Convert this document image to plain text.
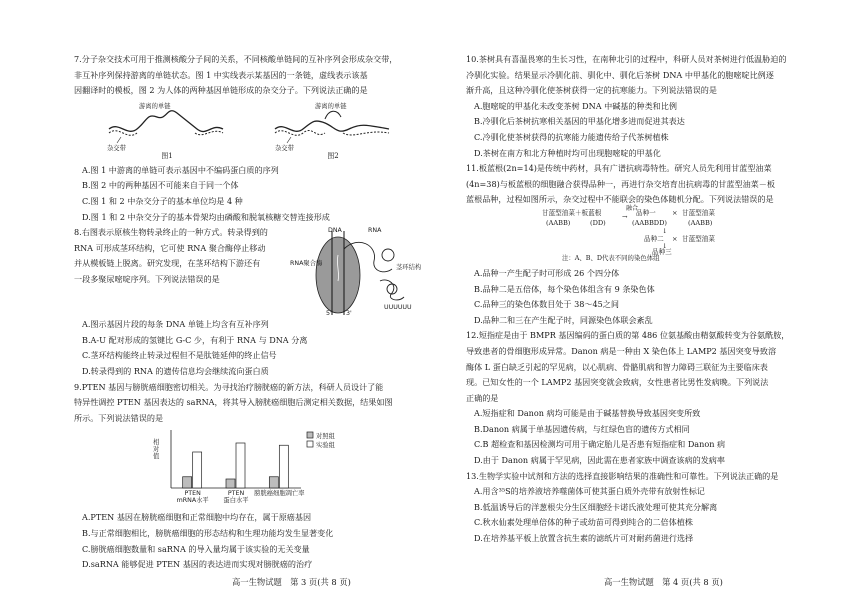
7.分子杂交技术可用于推测核酸分子间的关系，不同核酸单链间的互补序列会形成杂交带，
非互补序列保持游离的单链状态。图 1 中实线表示某基因的一条链，虚线表示该基
因翻译时的模板，图 2 为人体的两种基因单链形成的杂交分子。下列说法正确的是
游离的单链
杂交带
图1
游离的单链
杂交带
图2
A.图 1 中游离的单链可表示基因中不编码蛋白质的序列
B.图 2 中的两种基因不可能来自于同一个体
C.图 1 和 2 中杂交分子的基本单位均是 4 种
D.图 1 和 2 中杂交分子的基本骨架均由磷酸和脱氧核糖交替连接形成
8.右图表示原核生物转录终止的一种方式。转录得到的
RNA 可形成茎环结构，它可使 RNA 聚合酶停止移动
并从模板链上脱离。研究发现，在茎环结构下游还有
一段多聚尿嘧啶序列。下列说法错误的是
DNA	RNA
RNA聚合酶
茎环结构
UUUUUU
5' 3'
A.图示基因片段的每条 DNA 单链上均含有互补序列
B.A-U 配对形成的氢键比 G-C 少，有利于 RNA 与 DNA 分离
C.茎环结构能终止转录过程但不是肽链延伸的终止信号
D.转录得到的 RNA 的遗传信息均会继续流向蛋白质
9.PTEN 基因与膀胱癌细胞密切相关。为寻找治疗膀胱癌的新方法，科研人员设计了能
特异性调控 PTEN 基因表达的 saRNA，将其导入膀胱癌细胞后测定相关数据，结果如图
所示。下列说法错误的是
相对值
PTEN
mRNA水平
PTEN
蛋白水平
膀胱癌细胞凋亡率
对照组
实验组
A.PTEN 基因在膀胱癌细胞和正常细胞中均存在，属于原癌基因
B.与正常细胞相比，膀胱癌细胞的形态结构和生理功能均发生显著变化
C.膀胱癌细胞数量和 saRNA 的导入量均属于该实验的无关变量
D.saRNA 能够促进 PTEN 基因的表达进而实现对膀胱癌的治疗
高一生物试题　第 3 页(共 8 页)
10.茶树具有喜温畏寒的生长习性，在南种北引的过程中，科研人员对茶树进行低温胁迫的
冷驯化实验。结果显示冷驯化前、驯化中、驯化后茶树 DNA 中甲基化的胞嘧啶比例逐
渐升高，且这种冷驯化使茶树获得一定的抗寒能力。下列说法错误的是
A.胞嘧啶的甲基化未改变茶树 DNA 中碱基的种类和比例
B.冷驯化后茶树抗寒相关基因的甲基化增多进而促进其表达
C.冷驯化使茶树获得的抗寒能力能遗传给子代茶树植株
D.茶树在南方和北方种植时均可出现胞嘧啶的甲基化
11.板蓝根(2n=14)是传统中药材，具有广谱抗病毒特性。研究人员先利用甘蓝型油菜
(4n=38)与板蓝根的细胞融合获得品种一，再进行杂交培育出抗病毒的甘蓝型油菜－板
蓝根品种，过程如图所示，杂交过程中不能联会的染色体随机分配。下列说法错误的是
甘蓝型油菜＋板蓝根
融合
→ 品种一 × 甘蓝型油菜
(AABB)	(DD)	(AABBDD)	(AABB)
↓
品种二 × 甘蓝型油菜
↓
品种三
注：A、B、D代表不同的染色体组
A.品种一产生配子时可形成 26 个四分体
B.品种二是五倍体，每个染色体组含有 9 条染色体
C.品种三的染色体数目处于 38～45之间
D.品种二和三在产生配子时，同源染色体联会紊乱
12.短指症是由于 BMPR 基因编码的蛋白质的第 486 位氨基酸由精氨酸转变为谷氨酰胺，
导致患者的骨细胞形成异常。Danon 病是一种由 X 染色体上 LAMP2 基因突变导致溶
酶体 L 蛋白缺乏引起的罕见病，以心肌病、骨骼肌病和智力障碍三联征为主要临床表
现。已知女性的一个 LAMP2 基因突变就会致病，女性患者比男性发病晚。下列说法
正确的是
A.短指症和 Danon 病均可能是由于碱基替换导致基因突变所致
B.Danon 病属于单基因遗传病，与红绿色盲的遗传方式相同
C.B 超检查和基因检测均可用于确定胎儿是否患有短指症和 Danon 病
D.由于 Danon 病属于罕见病，因此需在患者家族中调查该病的发病率
13.生物学实验中试剂和方法的选择直接影响结果的准确性和可靠性。下列说法正确的是
A.用含³⁵S的培养液培养噬菌体可使其蛋白质外壳带有放射性标记
B.低温诱导后的洋葱根尖分生区细胞经卡诺氏液处理可使其充分解离
C.秋水仙素处理单倍体的种子或幼苗可得到纯合的二倍体植株
D.在培养基平板上放置含抗生素的滤纸片可对耐药菌进行选择
高一生物试题　第 4 页(共 8 页)
